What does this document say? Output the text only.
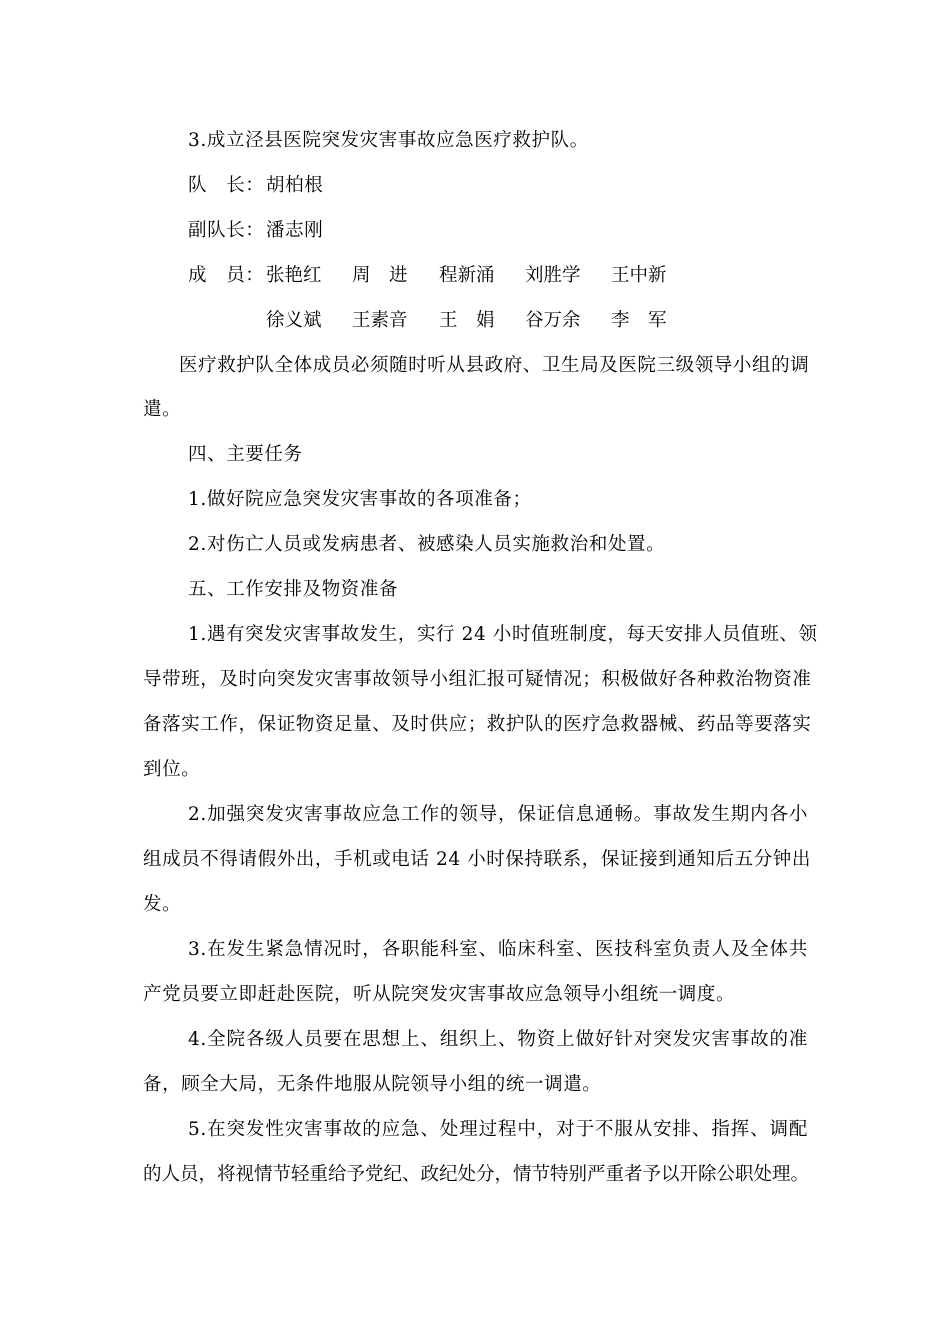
3.成立泾县医院突发灾害事故应急医疗救护队。
队　长： 胡柏根
副队长： 潘志刚
成　员： 张艳红 周　进 程新涌 刘胜学 王中新
徐义斌 王素音 王　娟 谷万余 李　军
医疗救护队全体成员必须随时听从县政府、卫生局及医院三级领导小组的调
遣。
四、主要任务
1.做好院应急突发灾害事故的各项准备；
2.对伤亡人员或发病患者、被感染人员实施救治和处置。
五、工作安排及物资准备
1.遇有突发灾害事故发生，实行 24 小时值班制度，每天安排人员值班、领
导带班，及时向突发灾害事故领导小组汇报可疑情况；积极做好各种救治物资准
备落实工作，保证物资足量、及时供应；救护队的医疗急救器械、药品等要落实
到位。
2.加强突发灾害事故应急工作的领导，保证信息通畅。事故发生期内各小
组成员不得请假外出，手机或电话 24 小时保持联系，保证接到通知后五分钟出
发。
3.在发生紧急情况时，各职能科室、临床科室、医技科室负责人及全体共
产党员要立即赶赴医院，听从院突发灾害事故应急领导小组统一调度。
4.全院各级人员要在思想上、组织上、物资上做好针对突发灾害事故的准
备，顾全大局，无条件地服从院领导小组的统一调遣。
5.在突发性灾害事故的应急、处理过程中，对于不服从安排、指挥、调配
的人员，将视情节轻重给予党纪、政纪处分，情节特别严重者予以开除公职处理。
